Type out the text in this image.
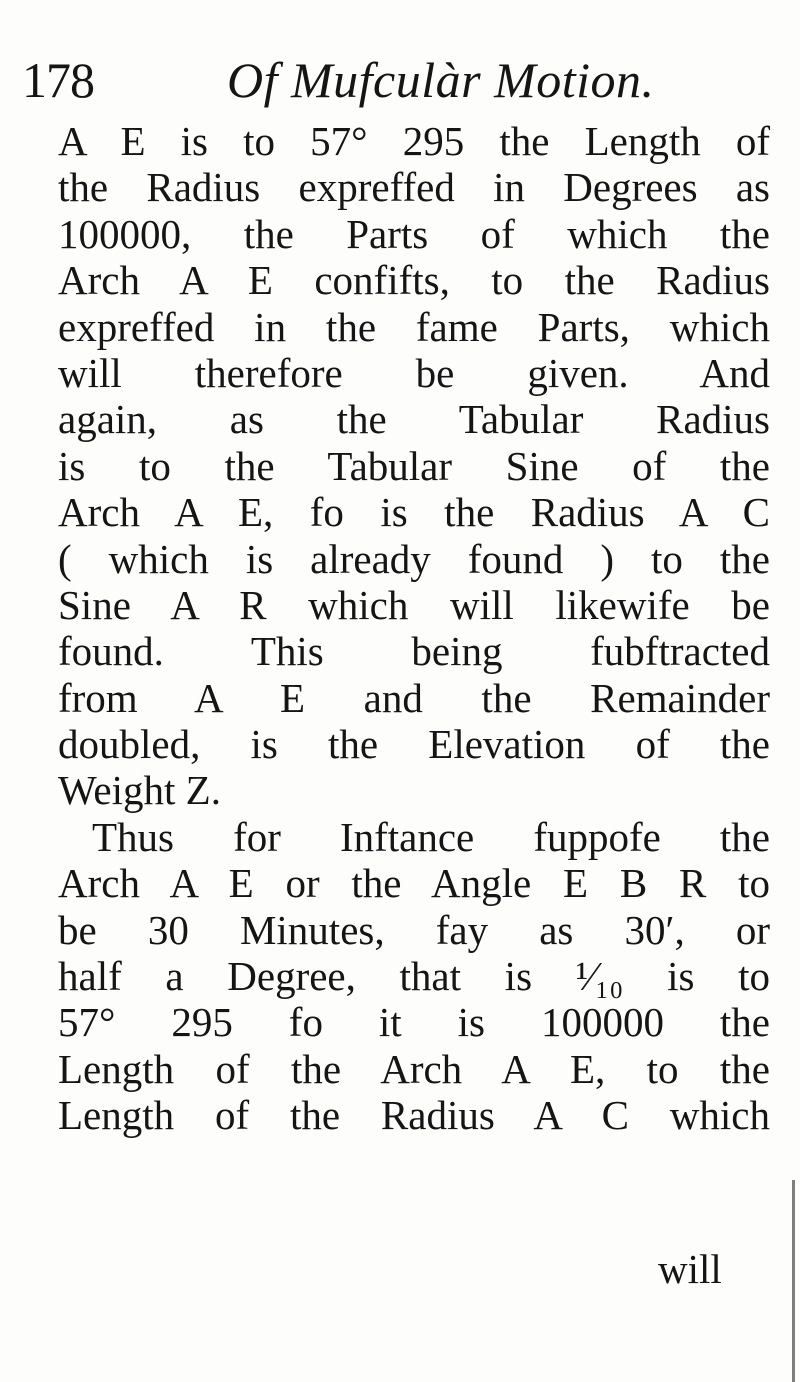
178	Of Mufculàr Motion.
A E is to 57° 295 the Length of
the Radius expreffed in Degrees as
100000, the Parts of which the
Arch A E confifts, to the Radius
expreffed in the fame Parts, which
will therefore be given. And
again, as the Tabular Radius
is to the Tabular Sine of the
Arch A E, fo is the Radius A C
( which is already found ) to the
Sine A R which will likewife be
found. This being fubftracted
from A E and the Remainder
doubled, is the Elevation of the
Weight Z.
Thus for Inftance fuppofe the
Arch A E or the Angle E B R to
be 30 Minutes, fay as 30′, or
half a Degree, that is ¹⁄₁₀ is to
57° 295 fo it is 100000 the
Length of the Arch A E, to the
Length of the Radius A C which
will
